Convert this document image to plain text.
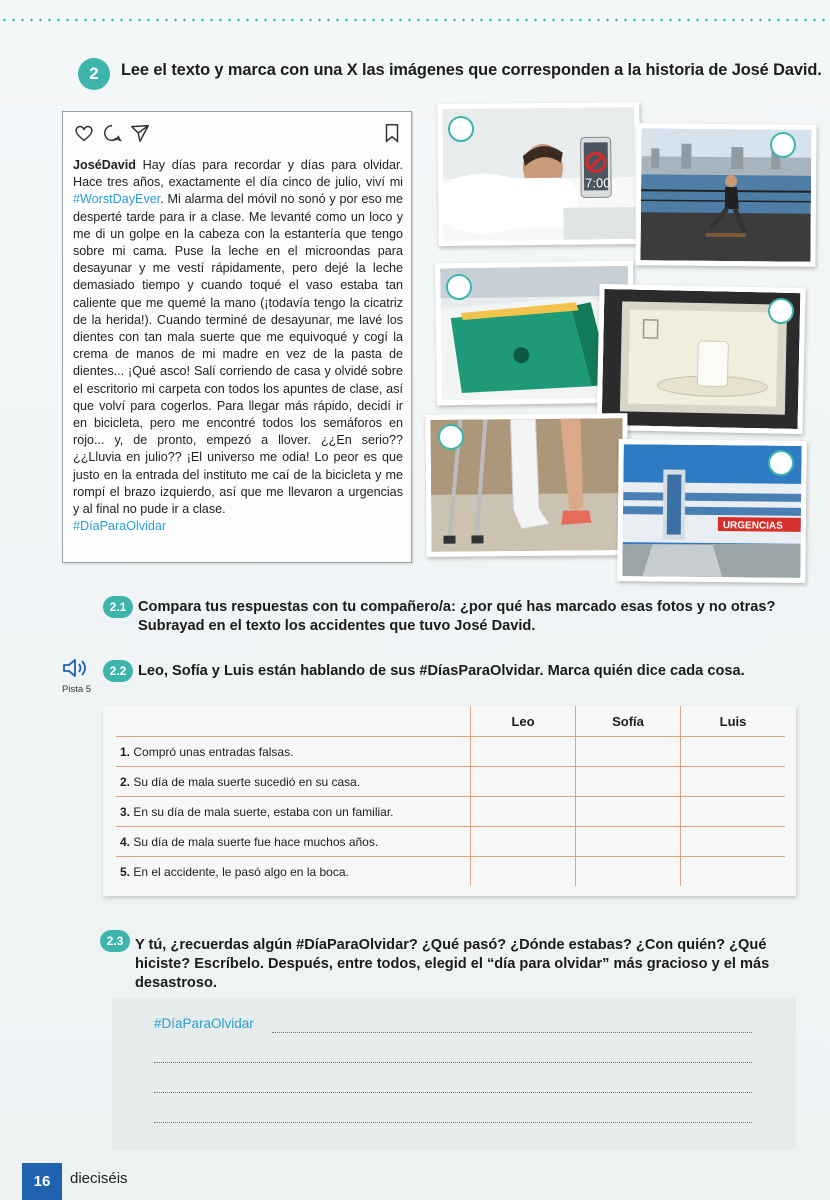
2	Lee el texto y marca con una X las imágenes que corresponden a la historia de José David.
JoséDavid Hay días para recordar y días para olvidar. Hace tres años, exactamente el día cinco de julio, viví mi #WorstDayEver. Mi alarma del móvil no sonó y por eso me desperté tarde para ir a clase. Me levanté como un loco y me di un golpe en la cabeza con la estantería que tengo sobre mi cama. Puse la leche en el microondas para desayunar y me vestí rápidamente, pero dejé la leche demasiado tiempo y cuando toqué el vaso estaba tan caliente que me quemé la mano (¡todavía tengo la cicatriz de la herida!). Cuando terminé de desayunar, me lavé los dientes con tan mala suerte que me equivoqué y cogí la crema de manos de mi madre en vez de la pasta de dientes... ¡Qué asco! Salí corriendo de casa y olvidé sobre el escritorio mi carpeta con todos los apuntes de clase, así que volví para cogerlos. Para llegar más rápido, decidí ir en bicicleta, pero me encontré todos los semáforos en rojo... y, de pronto, empezó a llover. ¿¿En serio?? ¿¿Lluvia en julio?? ¡El universo me odia! Lo peor es que justo en la entrada del instituto me caí de la bicicleta y me rompí el brazo izquierdo, así que me llevaron a urgencias y al final no pude ir a clase.
#DíaParaOlvidar
7:00
URGENCIAS
2.1 Compara tus respuestas con tu compañero/a: ¿por qué has marcado esas fotos y no otras? Subrayad en el texto los accidentes que tuvo José David.
Pista 5
2.2 Leo, Sofía y Luis están hablando de sus #DíasParaOlvidar. Marca quién dice cada cosa.
	Leo	Sofía	Luis
1. Compró unas entradas falsas.			
2. Su día de mala suerte sucedió en su casa.			
3. En su día de mala suerte, estaba con un familiar.			
4. Su día de mala suerte fue hace muchos años.			
5. En el accidente, le pasó algo en la boca.			
2.3 Y tú, ¿recuerdas algún #DíaParaOlvidar? ¿Qué pasó? ¿Dónde estabas? ¿Con quién? ¿Qué hiciste? Escríbelo. Después, entre todos, elegid el “día para olvidar” más gracioso y el más desastroso.
#DíaParaOlvidar
16	dieciséis
